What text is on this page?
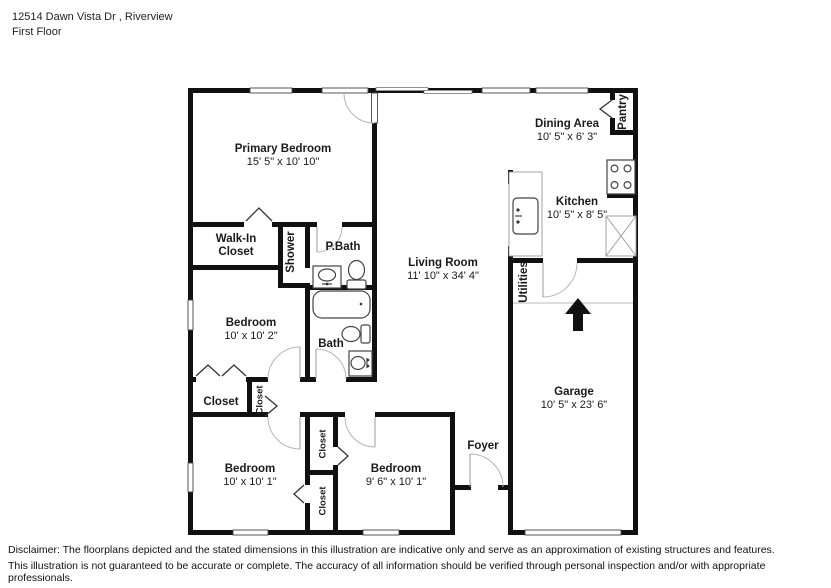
12514 Dawn Vista Dr , Riverview
First Floor
Primary Bedroom
15' 5" x 10' 10"
Dining Area
10' 5" x 6' 3"
Kitchen
10' 5" x 8' 5"
Living Room
11' 10" x 34' 4"
Garage
10' 5" x 23' 6"
Bedroom
10' x 10' 2"
Bedroom
10' x 10' 1"
Bedroom
9' 6" x 10' 1"
Walk-In Closet	P.Bath
Bath
Foyer
Closet
Pantry
Shower
Utilities
Closet
Closet
Closet
Disclaimer: The floorplans depicted and the stated dimensions in this illustration are indicative only and serve as an approximation of existing structures and features.
This illustration is not guaranteed to be accurate or complete. The accuracy of all information should be verified through personal inspection and/or with appropriate professionals.
